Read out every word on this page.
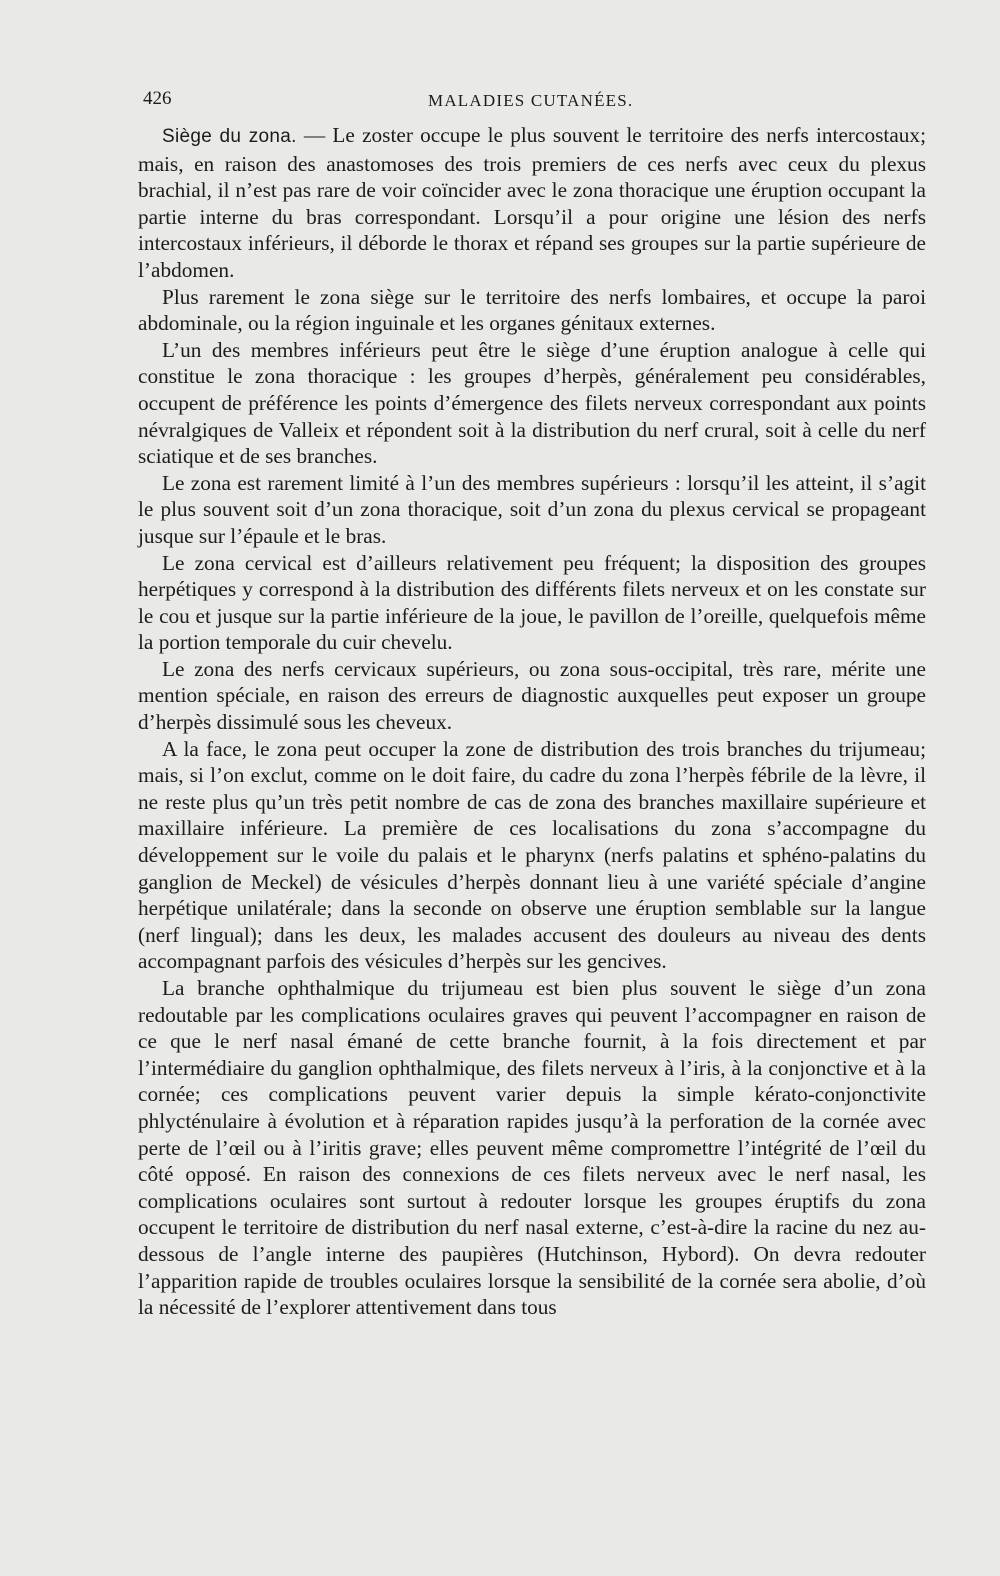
426	MALADIES CUTANÉES.

Siège du zona. — Le zoster occupe le plus souvent le territoire des nerfs intercostaux; mais, en raison des anastomoses des trois premiers de ces nerfs avec ceux du plexus brachial, il n’est pas rare de voir coïncider avec le zona thoracique une éruption occupant la partie interne du bras correspondant. Lorsqu’il a pour origine une lésion des nerfs intercostaux inférieurs, il déborde le thorax et répand ses groupes sur la partie supérieure de l’abdomen.

Plus rarement le zona siège sur le territoire des nerfs lombaires, et occupe la paroi abdominale, ou la région inguinale et les organes génitaux externes.

L’un des membres inférieurs peut être le siège d’une éruption analogue à celle qui constitue le zona thoracique : les groupes d’herpès, généralement peu considérables, occupent de préférence les points d’émergence des filets nerveux correspondant aux points névralgiques de Valleix et répondent soit à la distribution du nerf crural, soit à celle du nerf sciatique et de ses branches.

Le zona est rarement limité à l’un des membres supérieurs : lorsqu’il les atteint, il s’agit le plus souvent soit d’un zona thoracique, soit d’un zona du plexus cervical se propageant jusque sur l’épaule et le bras.

Le zona cervical est d’ailleurs relativement peu fréquent; la disposition des groupes herpétiques y correspond à la distribution des différents filets nerveux et on les constate sur le cou et jusque sur la partie inférieure de la joue, le pavillon de l’oreille, quelquefois même la portion temporale du cuir chevelu.

Le zona des nerfs cervicaux supérieurs, ou zona sous-occipital, très rare, mérite une mention spéciale, en raison des erreurs de diagnostic auxquelles peut exposer un groupe d’herpès dissimulé sous les cheveux.

A la face, le zona peut occuper la zone de distribution des trois branches du trijumeau; mais, si l’on exclut, comme on le doit faire, du cadre du zona l’herpès fébrile de la lèvre, il ne reste plus qu’un très petit nombre de cas de zona des branches maxillaire supérieure et maxillaire inférieure. La première de ces localisations du zona s’accompagne du développement sur le voile du palais et le pharynx (nerfs palatins et sphéno-palatins du ganglion de Meckel) de vésicules d’herpès donnant lieu à une variété spéciale d’angine herpétique unilatérale; dans la seconde on observe une éruption semblable sur la langue (nerf lingual); dans les deux, les malades accusent des douleurs au niveau des dents accompagnant parfois des vésicules d’herpès sur les gencives.

La branche ophthalmique du trijumeau est bien plus souvent le siège d’un zona redoutable par les complications oculaires graves qui peuvent l’accompagner en raison de ce que le nerf nasal émané de cette branche fournit, à la fois directement et par l’intermédiaire du ganglion ophthalmique, des filets nerveux à l’iris, à la conjonctive et à la cornée; ces complications peuvent varier depuis la simple kérato-conjonctivite phlycténulaire à évolution et à réparation rapides jusqu’à la perforation de la cornée avec perte de l’œil ou à l’iritis grave; elles peuvent même compromettre l’intégrité de l’œil du côté opposé. En raison des connexions de ces filets nerveux avec le nerf nasal, les complications oculaires sont surtout à redouter lorsque les groupes éruptifs du zona occupent le territoire de distribution du nerf nasal externe, c’est-à-dire la racine du nez au-dessous de l’angle interne des paupières (Hutchinson, Hybord). On devra redouter l’apparition rapide de troubles oculaires lorsque la sensibilité de la cornée sera abolie, d’où la nécessité de l’explorer attentivement dans tous
